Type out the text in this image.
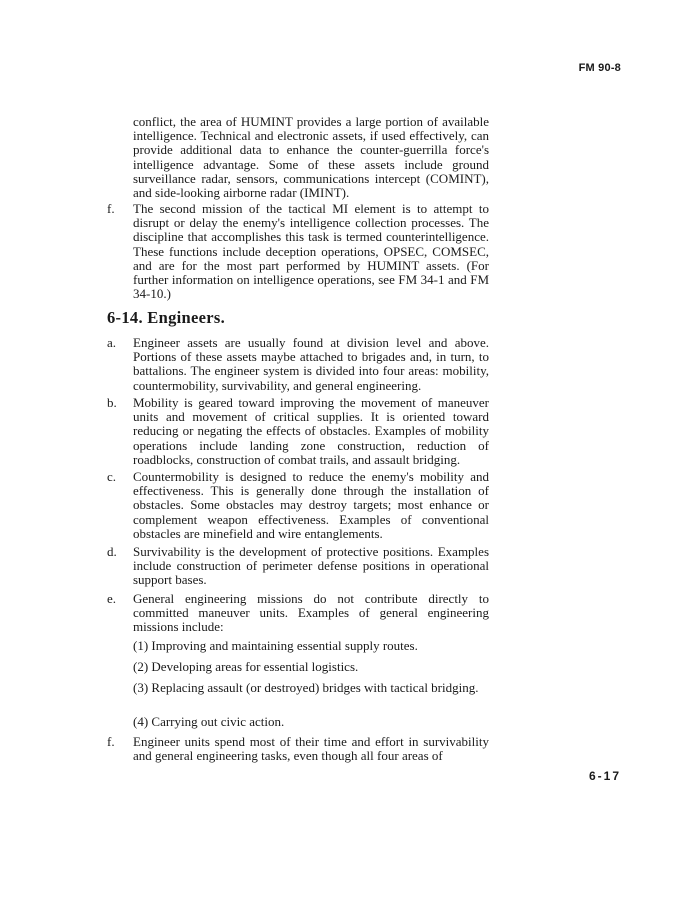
FM 90-8
conflict, the area of HUMINT provides a large portion of available intelligence. Technical and electronic assets, if used effectively, can provide additional data to enhance the counter-guerrilla force's intelligence advantage. Some of these assets include ground surveillance radar, sensors, communications intercept (COMINT), and side-looking airborne radar (IMINT).
f. The second mission of the tactical MI element is to attempt to disrupt or delay the enemy's intelligence collection processes. The discipline that accomplishes this task is termed counterintelligence. These functions include deception operations, OPSEC, COMSEC, and are for the most part performed by HUMINT assets. (For further information on intelligence operations, see FM 34-1 and FM 34-10.)
6-14. Engineers.
a. Engineer assets are usually found at division level and above. Portions of these assets maybe attached to brigades and, in turn, to battalions. The engineer system is divided into four areas: mobility, countermobility, survivability, and general engineering.
b. Mobility is geared toward improving the movement of maneuver units and movement of critical supplies. It is oriented toward reducing or negating the effects of obstacles. Examples of mobility operations include landing zone construction, reduction of roadblocks, construction of combat trails, and assault bridging.
c. Countermobility is designed to reduce the enemy's mobility and effectiveness. This is generally done through the installation of obstacles. Some obstacles may destroy targets; most enhance or complement weapon effectiveness. Examples of conventional obstacles are minefield and wire entanglements.
d. Survivability is the development of protective positions. Examples include construction of perimeter defense positions in operational support bases.
e. General engineering missions do not contribute directly to committed maneuver units. Examples of general engineering missions include:
(1) Improving and maintaining essential supply routes.
(2) Developing areas for essential logistics.
(3) Replacing assault (or destroyed) bridges with tactical bridging.
(4) Carrying out civic action.
f. Engineer units spend most of their time and effort in survivability and general engineering tasks, even though all four areas of
6-17
